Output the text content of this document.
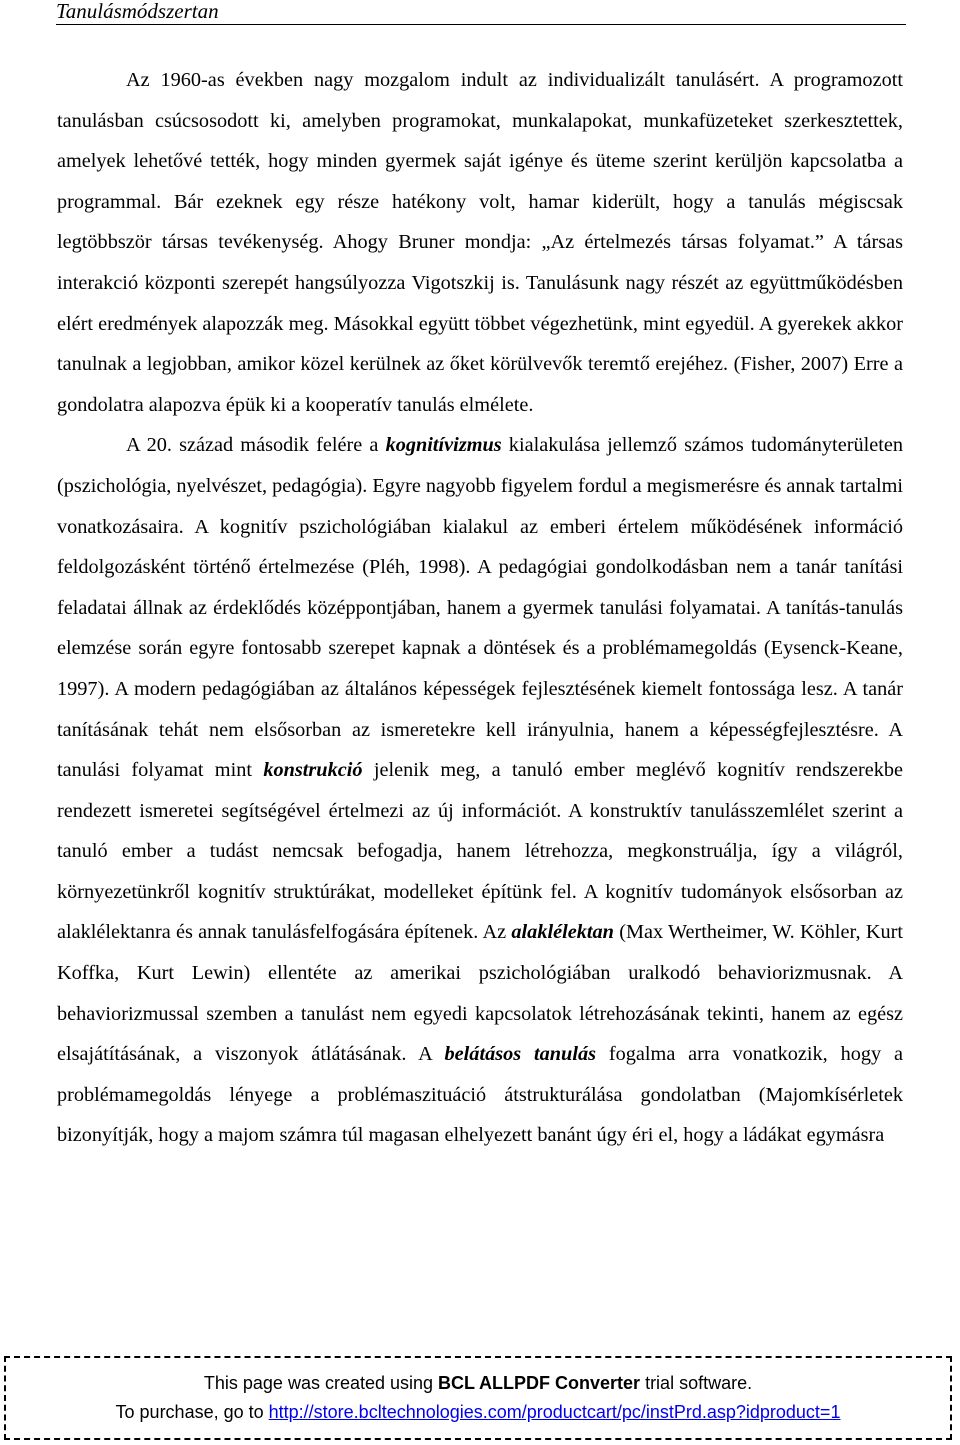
Tanulásmódszertan

Az 1960-as években nagy mozgalom indult az individualizált tanulásért. A programozott tanulásban csúcsosodott ki, amelyben programokat, munkalapokat, munkafüzeteket szerkesztettek, amelyek lehetővé tették, hogy minden gyermek saját igénye és üteme szerint kerüljön kapcsolatba a programmal. Bár ezeknek egy része hatékony volt, hamar kiderült, hogy a tanulás mégiscsak legtöbbször társas tevékenység. Ahogy Bruner mondja: „Az értelmezés társas folyamat.” A társas interakció központi szerepét hangsúlyozza Vigotszkij is. Tanulásunk nagy részét az együttműködésben elért eredmények alapozzák meg. Másokkal együtt többet végezhetünk, mint egyedül. A gyerekek akkor tanulnak a legjobban, amikor közel kerülnek az őket körülvevők teremtő erejéhez. (Fisher, 2007) Erre a gondolatra alapozva épük ki a kooperatív tanulás elmélete.

A 20. század második felére a kognitívizmus kialakulása jellemző számos tudományterületen (pszichológia, nyelvészet, pedagógia). Egyre nagyobb figyelem fordul a megismerésre és annak tartalmi vonatkozásaira. A kognitív pszichológiában kialakul az emberi értelem működésének információ feldolgozásként történő értelmezése (Pléh, 1998). A pedagógiai gondolkodásban nem a tanár tanítási feladatai állnak az érdeklődés középpontjában, hanem a gyermek tanulási folyamatai. A tanítás-tanulás elemzése során egyre fontosabb szerepet kapnak a döntések és a problémamegoldás (Eysenck-Keane, 1997). A modern pedagógiában az általános képességek fejlesztésének kiemelt fontossága lesz. A tanár tanításának tehát nem elsősorban az ismeretekre kell irányulnia, hanem a képességfejlesztésre. A tanulási folyamat mint konstrukció jelenik meg, a tanuló ember meglévő kognitív rendszerekbe rendezett ismeretei segítségével értelmezi az új információt. A konstruktív tanulásszemlélet szerint a tanuló ember a tudást nemcsak befogadja, hanem létrehozza, megkonstruálja, így a világról, környezetünkről kognitív struktúrákat, modelleket építünk fel. A kognitív tudományok elsősorban az alaklélektanra és annak tanulásfelfogására építenek. Az alaklélektan (Max Wertheimer, W. Köhler, Kurt Koffka, Kurt Lewin) ellentéte az amerikai pszichológiában uralkodó behaviorizmusnak. A behaviorizmussal szemben a tanulást nem egyedi kapcsolatok létrehozásának tekinti, hanem az egész elsajátításának, a viszonyok átlátásának. A belátásos tanulás fogalma arra vonatkozik, hogy a problémamegoldás lényege a problémaszituáció átstrukturálása gondolatban (Majomkísérletek bizonyítják, hogy a majom számra túl magasan elhelyezett banánt úgy éri el, hogy a ládákat egymásra

This page was created using BCL ALLPDF Converter trial software.
To purchase, go to http://store.bcltechnologies.com/productcart/pc/instPrd.asp?idproduct=1
